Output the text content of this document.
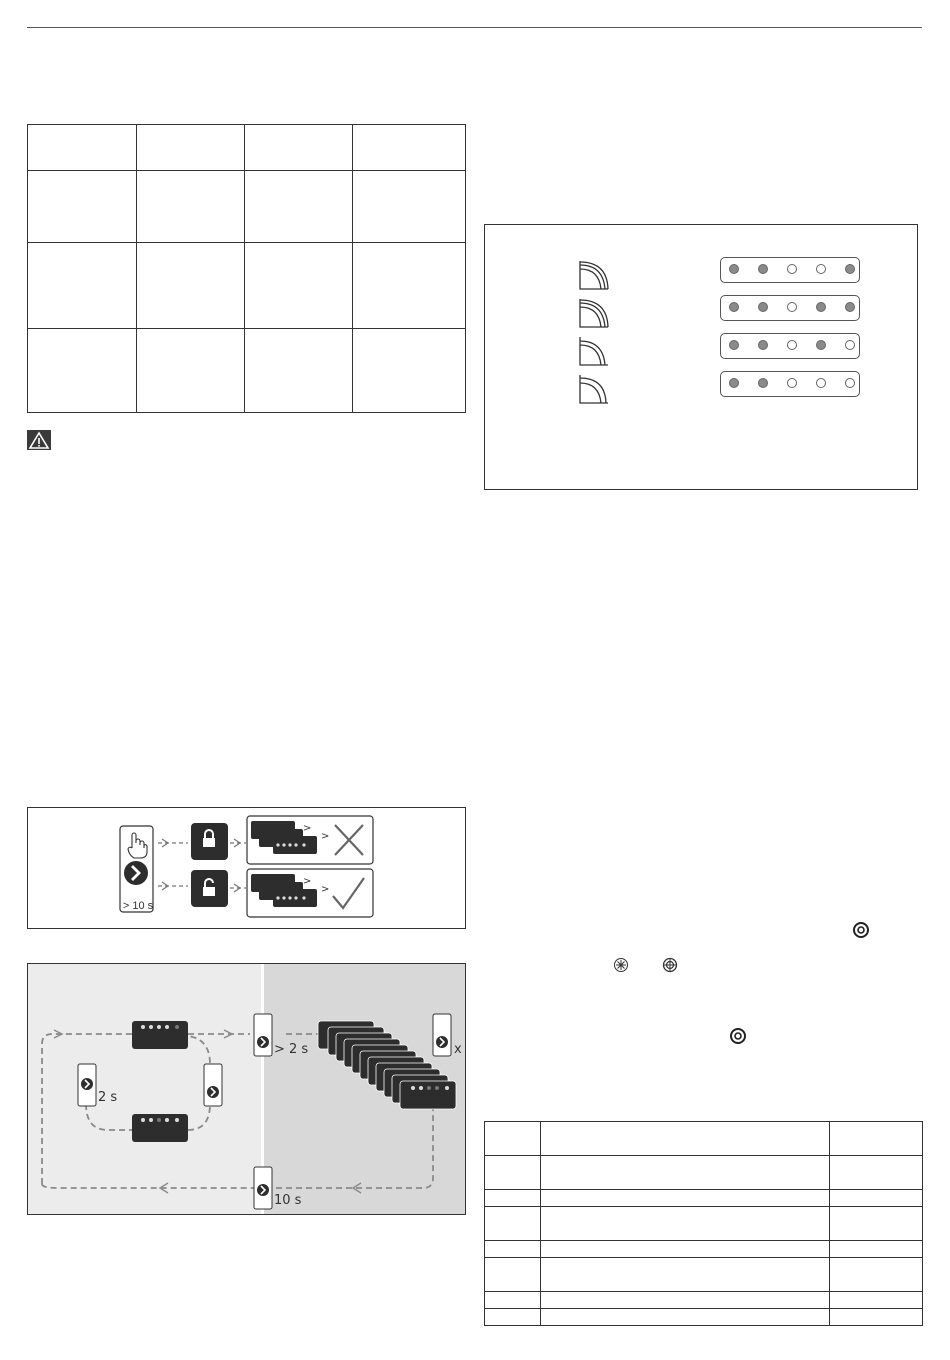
>
>
>
>
> 10 s
2 s
> 2 s
10 s
x
